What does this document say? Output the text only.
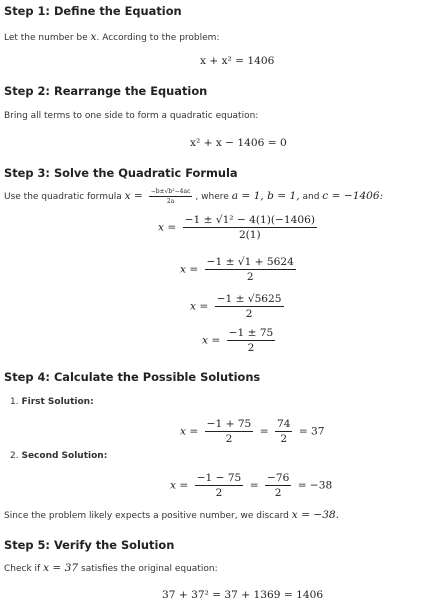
Step 1: Define the Equation
Let the number be x. According to the problem:
x + x² = 1406
Step 2: Rearrange the Equation
Bring all terms to one side to form a quadratic equation:
x² + x − 1406 = 0
Step 3: Solve the Quadratic Formula
Use the quadratic formula $x = \frac{\text{−b±√b²−4ac}}{2a}$ , where a = 1, b = 1, and c = −1406:
$x = \frac{\text{−1 ± √1² − 4(1)(−1406)}}{2(1)}$
$x = \frac{-1 \pm √1 + 5624}{2}$
$x = \frac{-1 \pm √5625}{2}$
$x = \frac{-1 \pm 75}{2}$
Step 4: Calculate the Possible Solutions
1. First Solution:
$x = \frac{-1 + 75}{2} = \frac{74}{2} = 37$
2. Second Solution:
$x = \frac{-1 - 75}{2} = \frac{-76}{2} = -38$
Since the problem likely expects a positive number, we discard x = −38.
Step 5: Verify the Solution
Check if x = 37 satisfies the original equation:
37 + 37² = 37 + 1369 = 1406
